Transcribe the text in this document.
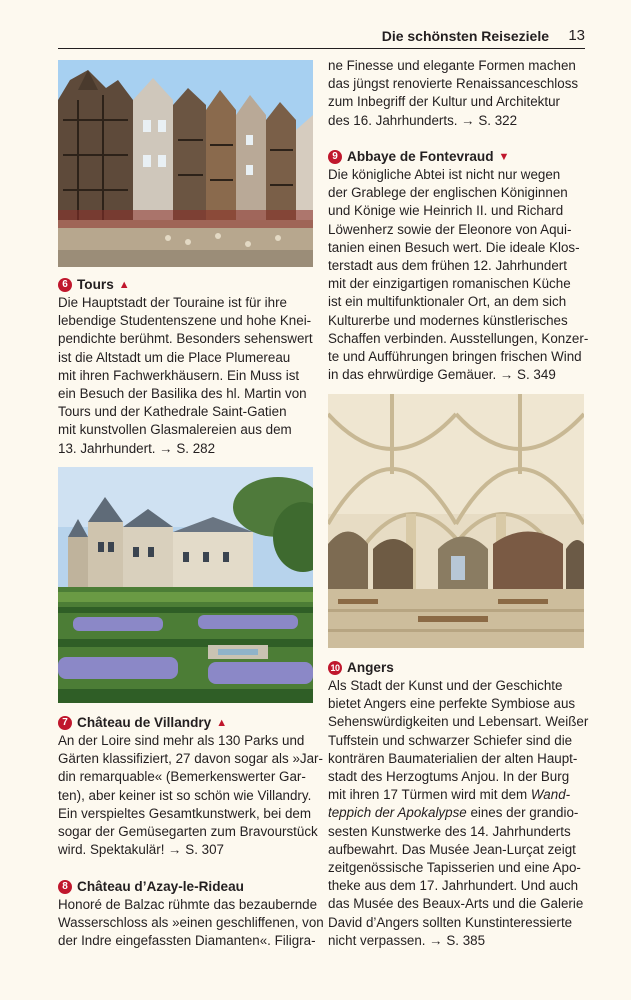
Die schönsten Reiseziele 13
6 Tours ▲

Die Hauptstadt der Touraine ist für ihre
lebendige Studentenszene und hohe Knei-
pendichte berühmt. Besonders sehenswert
ist die Altstadt um die Place Plumereau
mit ihren Fachwerkhäusern. Ein Muss ist
ein Besuch der Basilika des hl. Martin von
Tours und der Kathedrale Saint-Gatien
mit kunstvollen Glasmalereien aus dem
13. Jahrhundert. → S. 282

7 Château de Villandry ▲

An der Loire sind mehr als 130 Parks und
Gärten klassifiziert, 27 davon sogar als »Jar-
din remarquable« (Bemerkenswerter Gar-
ten), aber keiner ist so schön wie Villandry.
Ein verspieltes Gesamtkunstwerk, bei dem
sogar der Gemüsegarten zum Bravourstück
wird. Spektakulär! → S. 307

8 Château d’Azay-le-Rideau

Honoré de Balzac rühmte das bezaubernde
Wasserschloss als »einen geschliffenen, von
der Indre eingefassten Diamanten«. Filigra-

ne Finesse und elegante Formen machen
das jüngst renovierte Renaissanceschloss
zum Inbegriff der Kultur und Architektur
des 16. Jahrhunderts. → S. 322

9 Abbaye de Fontevraud ▼

Die königliche Abtei ist nicht nur wegen
der Grablege der englischen Königinnen
und Könige wie Heinrich II. und Richard
Löwenherz sowie der Eleonore von Aqui-
tanien einen Besuch wert. Die ideale Klos-
terstadt aus dem frühen 12. Jahrhundert
mit der einzigartigen romanischen Küche
ist ein multifunktionaler Ort, an dem sich
Kulturerbe und modernes künstlerisches
Schaffen verbinden. Ausstellungen, Konzer-
te und Aufführungen bringen frischen Wind
in das ehrwürdige Gemäuer. → S. 349

10 Angers

Als Stadt der Kunst und der Geschichte
bietet Angers eine perfekte Symbiose aus
Sehenswürdigkeiten und Lebensart. Weißer
Tuffstein und schwarzer Schiefer sind die
konträren Baumaterialien der alten Haupt-
stadt des Herzogtums Anjou. In der Burg
mit ihren 17 Türmen wird mit dem Wand-
teppich der Apokalypse eines der grandio-
sesten Kunstwerke des 14. Jahrhunderts
aufbewahrt. Das Musée Jean-Lurçat zeigt
zeitgenössische Tapisserien und eine Apo-
theke aus dem 17. Jahrhundert. Und auch
das Musée des Beaux-Arts und die Galerie
David d’Angers sollten Kunstinteressierte
nicht verpassen. → S. 385
